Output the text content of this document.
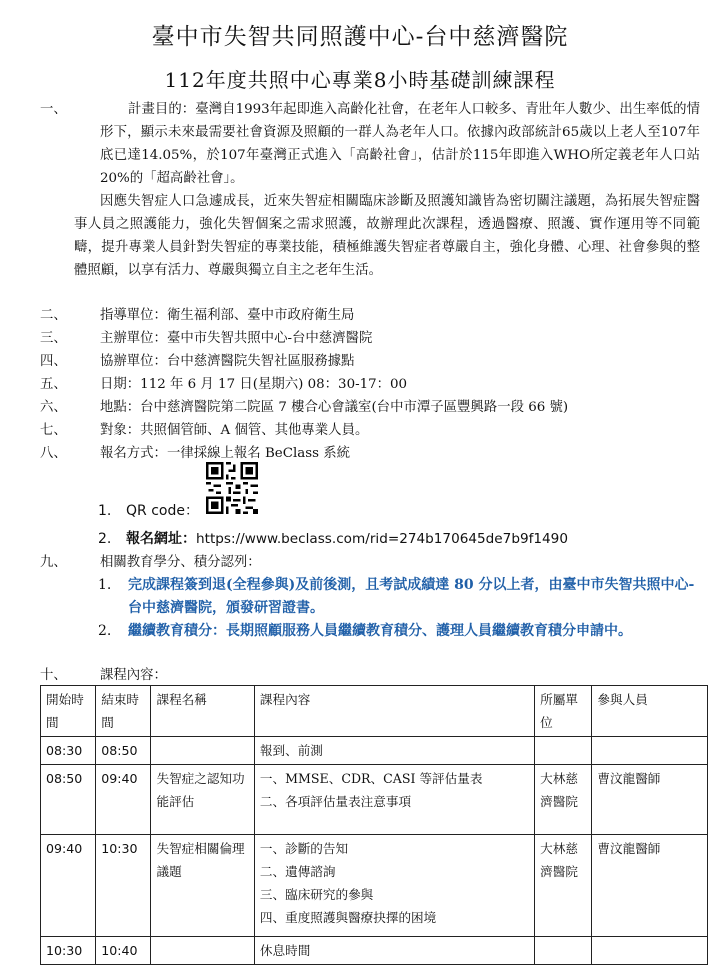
臺中市失智共同照護中心-台中慈濟醫院
112年度共照中心專業8小時基礎訓練課程
一、	計畫目的：臺灣自1993年起即進入高齡化社會，在老年人口較多、青壯年人數少、出生率低的情形下，顯示未來最需要社會資源及照顧的一群人為老年人口。依據內政部統計65歲以上老人至107年底已達14.05%，於107年臺灣正式進入「高齡社會」，估計於115年即進入WHO所定義老年人口站20%的「超高齡社會」。
因應失智症人口急遽成長，近來失智症相關臨床診斷及照護知識皆為密切關注議題，為拓展失智症醫事人員之照護能力，強化失智個案之需求照護，故辦理此次課程，透過醫療、照護、實作運用等不同範疇，提升專業人員針對失智症的專業技能，積極維護失智症者尊嚴自主，強化身體、心理、社會參與的整體照顧，以享有活力、尊嚴與獨立自主之老年生活。
二、	指導單位：衛生福利部、臺中市政府衛生局
三、	主辦單位：臺中市失智共照中心-台中慈濟醫院
四、	協辦單位：台中慈濟醫院失智社區服務據點
五、	日期：112 年 6 月 17 日(星期六) 08：30-17：00
六、	地點：台中慈濟醫院第二院區 7 樓合心會議室(台中市潭子區豐興路一段 66 號)
七、	對象：共照個管師、A 個管、其他專業人員。
八、	報名方式：一律採線上報名 BeClass 系統
1. QR code：
2. 報名網址：https://www.beclass.com/rid=274b170645de7b9f1490
九、	相關教育學分、積分認列：
1.	完成課程簽到退(全程參與)及前後測，且考試成績達 80 分以上者，由臺中市失智共照中心-台中慈濟醫院，頒發研習證書。
2.	繼續教育積分：長期照顧服務人員繼續教育積分、護理人員繼續教育積分申請中。
十、	課程內容：
開始時間	結束時間	課程名稱	課程內容	所屬單位	參與人員
08:30	08:50		報到、前測		

08:50	09:40	失智症之認知功能評估	一、MMSE、CDR、CASI 等評估量表
二、各項評估量表注意事項	大林慈濟醫院	曹汶龍醫師
09:40	10:30	失智症相關倫理議題	一、診斷的告知
二、遺傳諮詢
三、臨床研究的參與
四、重度照護與醫療抉擇的困境	大林慈濟醫院	曹汶龍醫師
10:30	10:40		休息時間		
